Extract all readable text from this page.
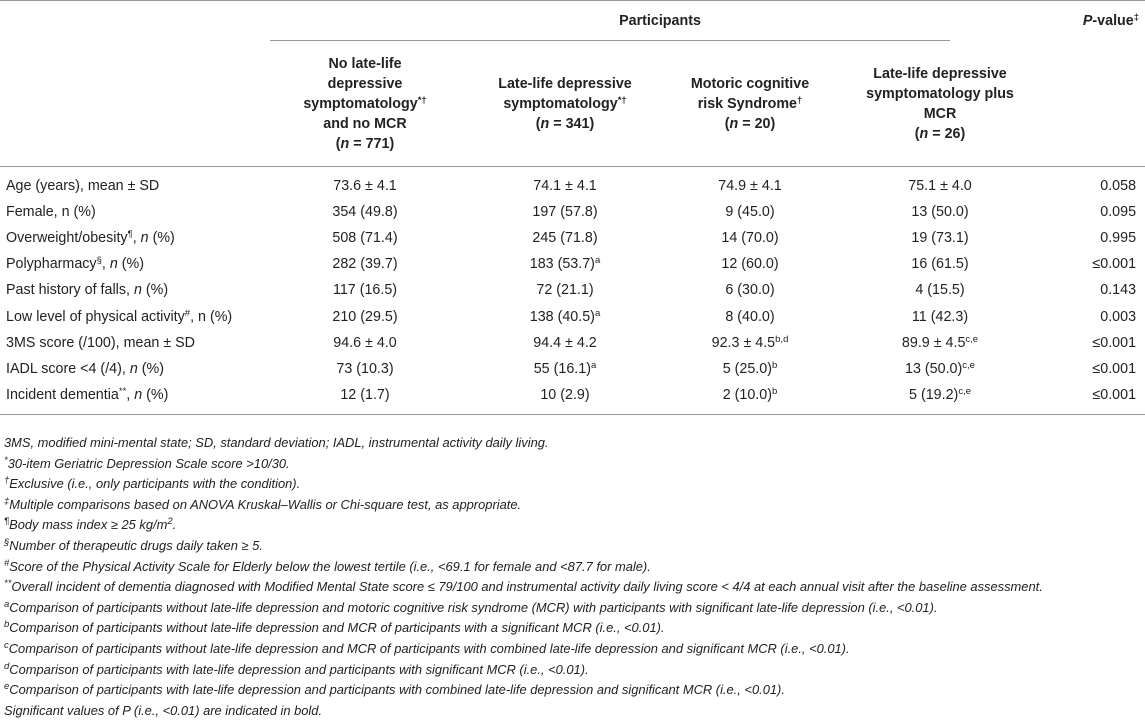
	Participants				P-value‡
	No late-life
depressive
symptomatology*†
and no MCR
(n = 771)	Late-life depressive
symptomatology*†
(n = 341)	Motoric cognitive
risk Syndrome†
(n = 20)	Late-life depressive
symptomatology plus
MCR
(n = 26)	
Age (years), mean ± SD	73.6 ± 4.1	74.1 ± 4.1	74.9 ± 4.1	75.1 ± 4.0	0.058
Female, n (%)	354 (49.8)	197 (57.8)	9 (45.0)	13 (50.0)	0.095
Overweight/obesity¶, n (%)	508 (71.4)	245 (71.8)	14 (70.0)	19 (73.1)	0.995
Polypharmacy§, n (%)	282 (39.7)	183 $(53.7)^a$	12 (60.0)	16 (61.5)	≤0.001
Past history of falls, n (%)	117 (16.5)	72 (21.1)	6 (30.0)	4 (15.5)	0.143
Low level of physical activity#, n (%)	210 (29.5)	138 $(40.5)^a$	8 (40.0)	11 (42.3)	0.003
3MS score (/100), mean ± SD	94.6 ± 4.0	94.4 ± 4.2	$92.3 \pm 4.5^{b,d}$	$89.9 \pm 4.5^{c,e}$	≤0.001
IADL score <4 (/4), n (%)	73 (10.3)	55 $(16.1)^a$	5 $(25.0)^b$	13 $(50.0)^{c,e}$	≤0.001
Incident dementia**, n (%)	12 (1.7)	10 (2.9)	2 $(10.0)^b$	5 $(19.2)^{c,e}$	≤0.001
3MS, modified mini-mental state; SD, standard deviation; IADL, instrumental activity daily living.
*30-item Geriatric Depression Scale score >10/30.
†Exclusive (i.e., only participants with the condition).
‡Multiple comparisons based on ANOVA Kruskal–Wallis or Chi-square test, as appropriate.
¶Body mass index ≥ 25 $kg/m^2$.
§Number of therapeutic drugs daily taken ≥ 5.
#Score of the Physical Activity Scale for Elderly below the lowest tertile (i.e., <69.1 for female and <87.7 for male).
**Overall incident of dementia diagnosed with Modified Mental State score ≤ 79/100 and instrumental activity daily living score < 4/4 at each annual visit after the baseline assessment.
$^a$Comparison of participants without late-life depression and motoric cognitive risk syndrome (MCR) with participants with significant late-life depression (i.e., <0.01).
$^b$Comparison of participants without late-life depression and MCR of participants with a significant MCR (i.e., <0.01).
$^c$Comparison of participants without late-life depression and MCR of participants with combined late-life depression and significant MCR (i.e., <0.01).
$^d$Comparison of participants with late-life depression and participants with significant MCR (i.e., <0.01).
$^e$Comparison of participants with late-life depression and participants with combined late-life depression and significant MCR (i.e., <0.01).
Significant values of P (i.e., <0.01) are indicated in bold.
